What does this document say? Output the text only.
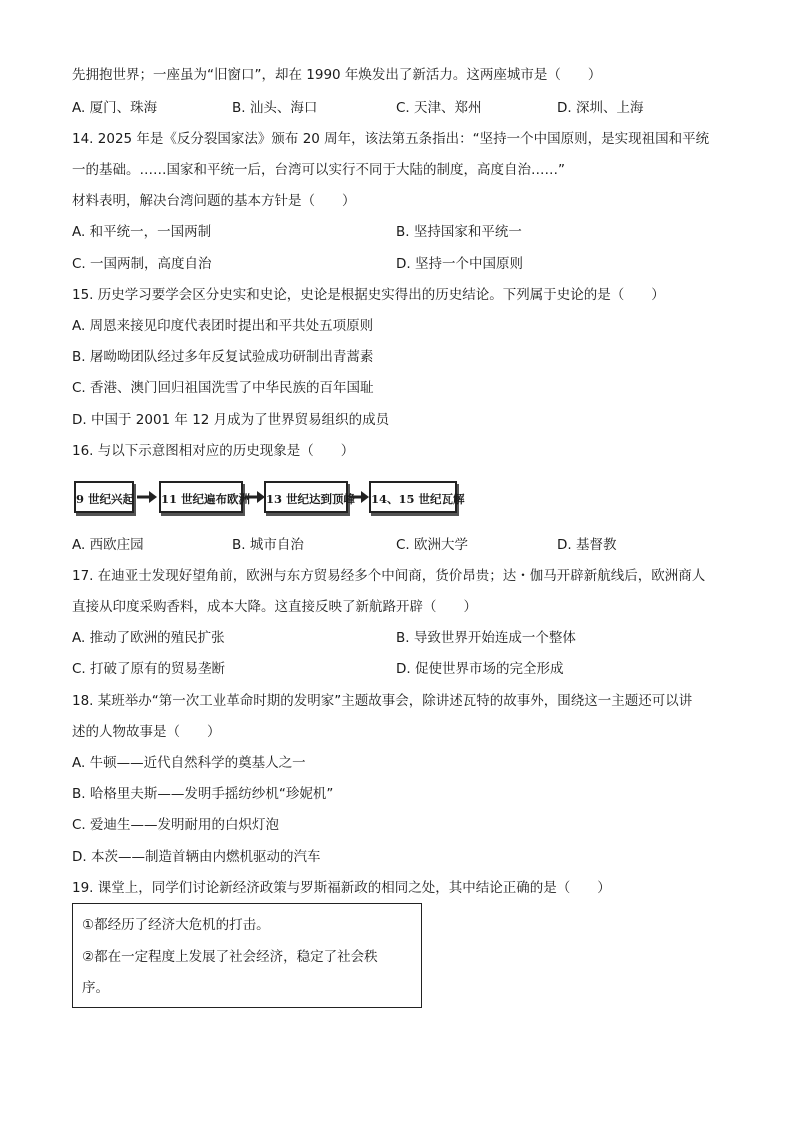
先拥抱世界；一座虽为“旧窗口”，却在 1990 年焕发出了新活力。这两座城市是（　　）
A. 厦门、珠海	B. 汕头、海口	C. 天津、郑州	D. 深圳、上海
14. 2025 年是《反分裂国家法》颁布 20 周年，该法第五条指出：“坚持一个中国原则，是实现祖国和平统
一的基础。……国家和平统一后，台湾可以实行不同于大陆的制度，高度自治……”
材料表明，解决台湾问题的基本方针是（　　）
A. 和平统一，一国两制	B. 坚持国家和平统一
C. 一国两制，高度自治	D. 坚持一个中国原则
15. 历史学习要学会区分史实和史论，史论是根据史实得出的历史结论。下列属于史论的是（　　）
A. 周恩来接见印度代表团时提出和平共处五项原则
B. 屠呦呦团队经过多年反复试验成功研制出青蒿素
C. 香港、澳门回归祖国洗雪了中华民族的百年国耻
D. 中国于 2001 年 12 月成为了世界贸易组织的成员
16. 与以下示意图相对应的历史现象是（　　）
9 世纪兴起 11 世纪遍布欧洲 13 世纪达到顶峰 14、15 世纪瓦解
A. 西欧庄园	B. 城市自治	C. 欧洲大学	D. 基督教
17. 在迪亚士发现好望角前，欧洲与东方贸易经多个中间商，货价昂贵；达・伽马开辟新航线后，欧洲商人
直接从印度采购香料，成本大降。这直接反映了新航路开辟（　　）
A. 推动了欧洲的殖民扩张	B. 导致世界开始连成一个整体
C. 打破了原有的贸易垄断	D. 促使世界市场的完全形成
18. 某班举办“第一次工业革命时期的发明家”主题故事会，除讲述瓦特的故事外，围绕这一主题还可以讲
述的人物故事是（　　）
A. 牛顿——近代自然科学的奠基人之一
B. 哈格里夫斯——发明手摇纺纱机“珍妮机”
C. 爱迪生——发明耐用的白炽灯泡
D. 本茨——制造首辆由内燃机驱动的汽车
19. 课堂上，同学们讨论新经济政策与罗斯福新政的相同之处，其中结论正确的是（　　）
①都经历了经济大危机的打击。
②都在一定程度上发展了社会经济，稳定了社会秩
序。
